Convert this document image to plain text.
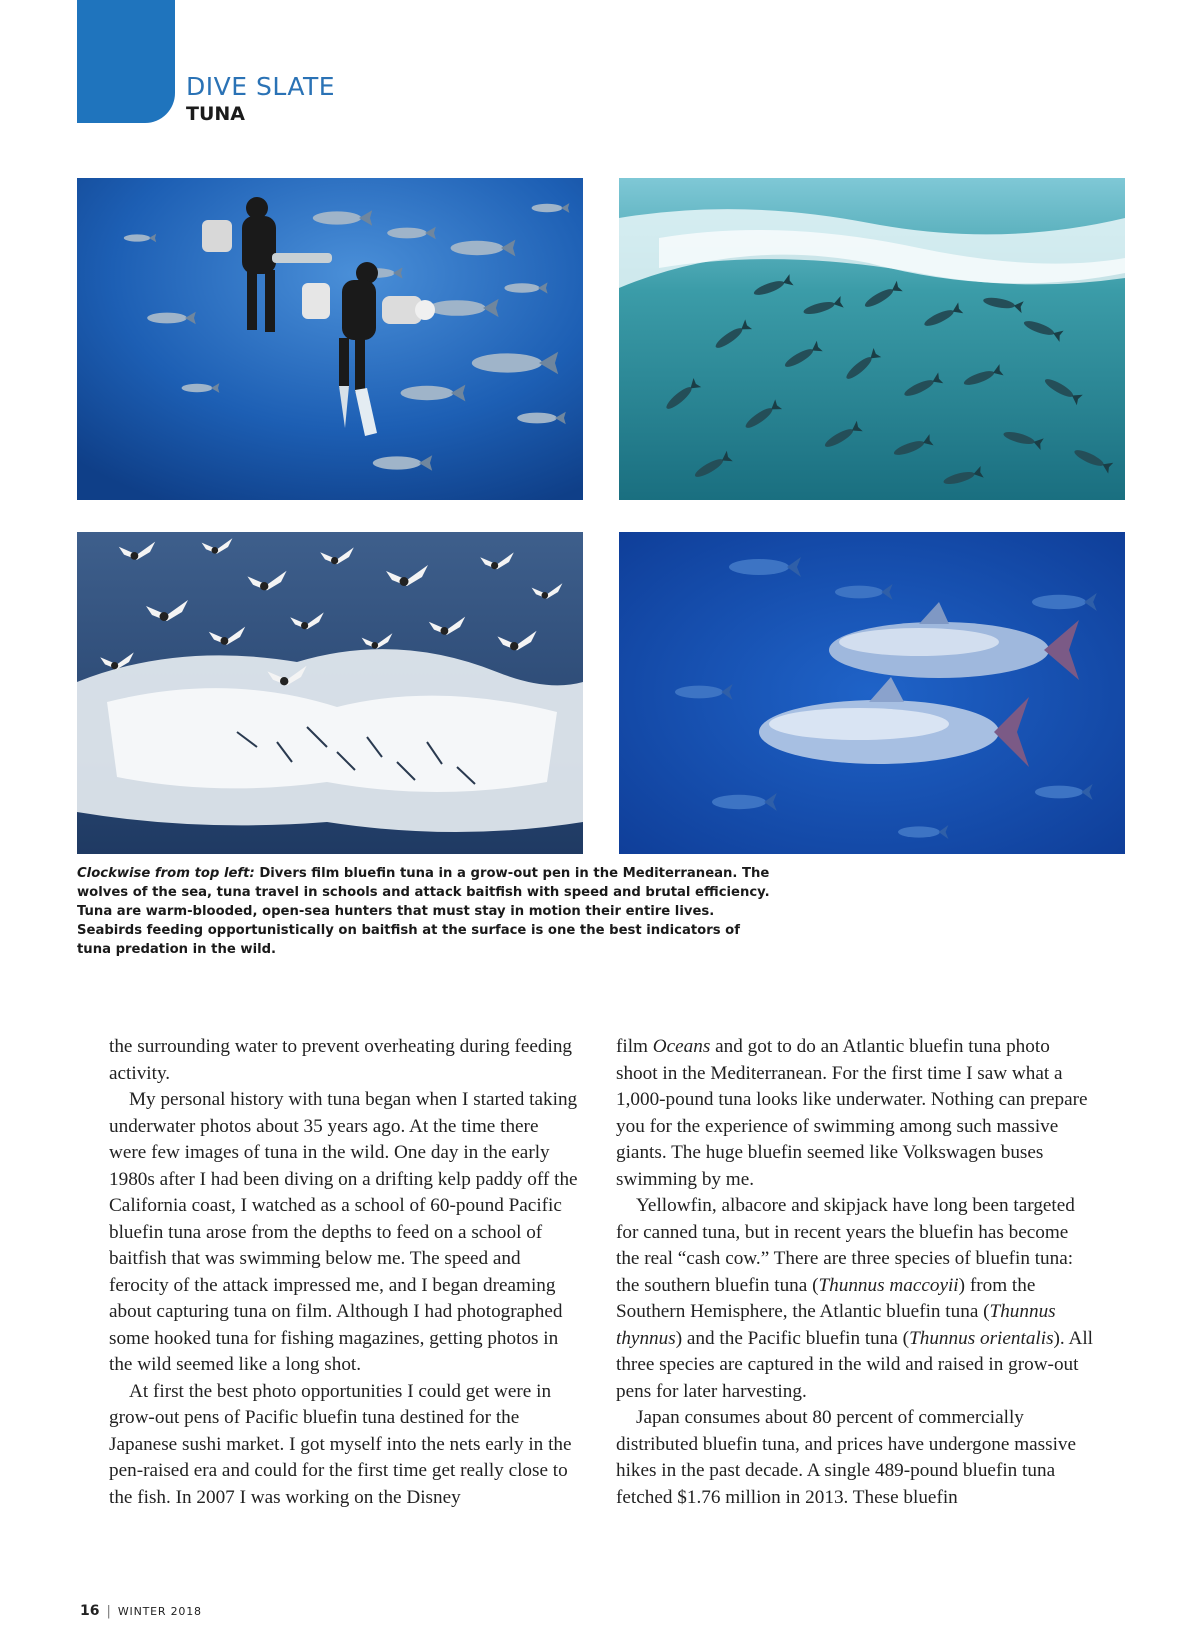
DIVE SLATE
TUNA
Clockwise from top left: Divers film bluefin tuna in a grow-out pen in the Mediterranean. The wolves of the sea, tuna travel in schools and attack baitfish with speed and brutal efficiency. Tuna are warm-blooded, open-sea hunters that must stay in motion their entire lives. Seabirds feeding opportunistically on baitfish at the surface is one the best indicators of tuna predation in the wild.

the surrounding water to prevent overheating during feeding activity.

My personal history with tuna began when I started taking underwater photos about 35 years ago. At the time there were few images of tuna in the wild. One day in the early 1980s after I had been diving on a drifting kelp paddy off the California coast, I watched as a school of 60-pound Pacific bluefin tuna arose from the depths to feed on a school of baitfish that was swimming below me. The speed and ferocity of the attack impressed me, and I began dreaming about capturing tuna on film. Although I had photographed some hooked tuna for fishing magazines, getting photos in the wild seemed like a long shot.

At first the best photo opportunities I could get were in grow-out pens of Pacific bluefin tuna destined for the Japanese sushi market. I got myself into the nets early in the pen-raised era and could for the first time get really close to the fish. In 2007 I was working on the Disney

film Oceans and got to do an Atlantic bluefin tuna photo shoot in the Mediterranean. For the first time I saw what a 1,000-pound tuna looks like underwater. Nothing can prepare you for the experience of swimming among such massive giants. The huge bluefin seemed like Volkswagen buses swimming by me.

Yellowfin, albacore and skipjack have long been targeted for canned tuna, but in recent years the bluefin has become the real “cash cow.” There are three species of bluefin tuna: the southern bluefin tuna (Thunnus maccoyii) from the Southern Hemisphere, the Atlantic bluefin tuna (Thunnus thynnus) and the Pacific bluefin tuna (Thunnus orientalis). All three species are captured in the wild and raised in grow-out pens for later harvesting.

Japan consumes about 80 percent of commercially distributed bluefin tuna, and prices have undergone massive hikes in the past decade. A single 489-pound bluefin tuna fetched $1.76 million in 2013. These bluefin

16 | WINTER 2018
